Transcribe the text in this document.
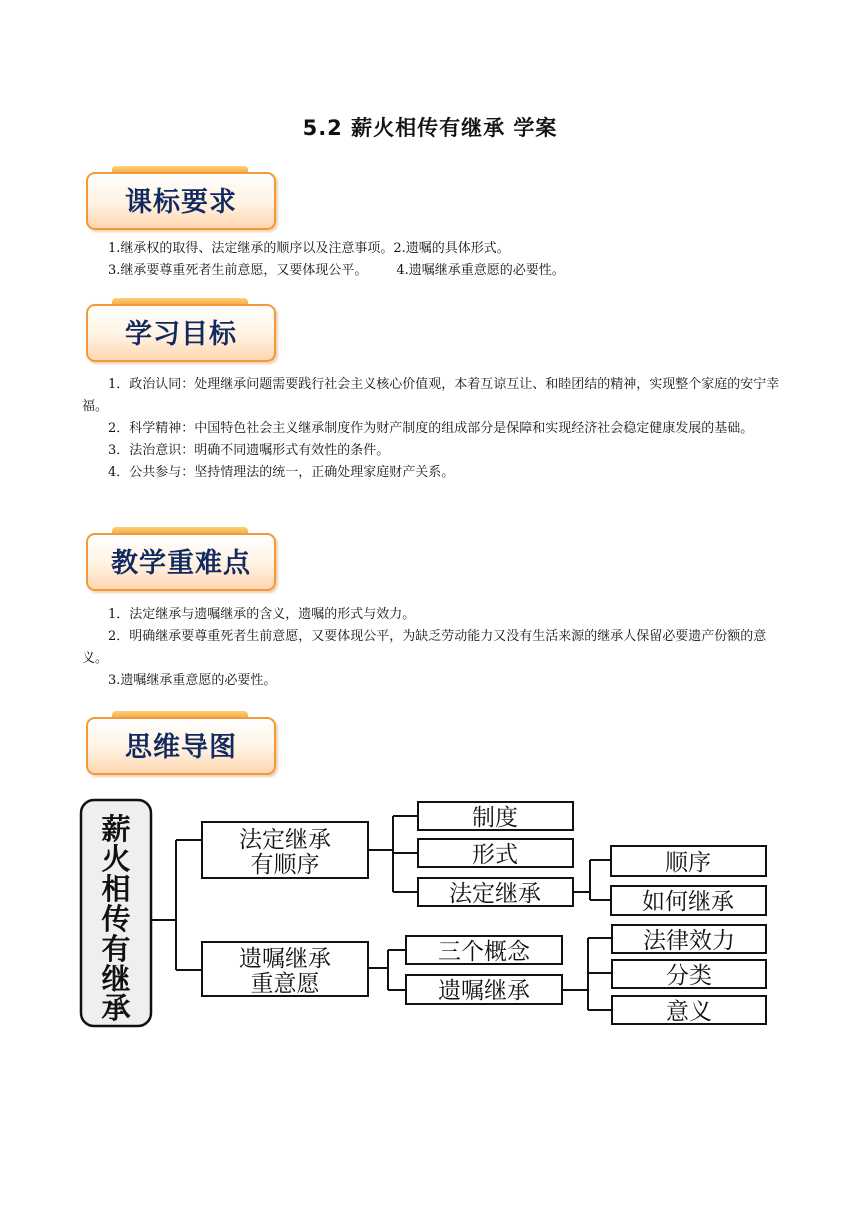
5.2 薪火相传有继承 学案
课标要求

1.继承权的取得、法定继承的顺序以及注意事项。2.遗嘱的具体形式。

3.继承要尊重死者生前意愿，又要体现公平。       4.遗嘱继承重意愿的必要性。

学习目标

1．政治认同：处理继承问题需要践行社会主义核心价值观，本着互谅互让、和睦团结的精神，实现整个家庭的安宁幸福。

2．科学精神：中国特色社会主义继承制度作为财产制度的组成部分是保障和实现经济社会稳定健康发展的基础。

3．法治意识：明确不同遗嘱形式有效性的条件。

4．公共参与：坚持情理法的统一，正确处理家庭财产关系。

教学重难点

1．法定继承与遗嘱继承的含义，遗嘱的形式与效力。

2．明确继承要尊重死者生前意愿，又要体现公平，为缺乏劳动能力又没有生活来源的继承人保留必要遗产份额的意义。

3.遗嘱继承重意愿的必要性。

思维导图
薪
火
相
传
有
继
承
法定继承
有顺序
遗嘱继承
重意愿
制度
形式
法定继承
顺序
如何继承
三个概念
遗嘱继承
法律效力
分类
意义
